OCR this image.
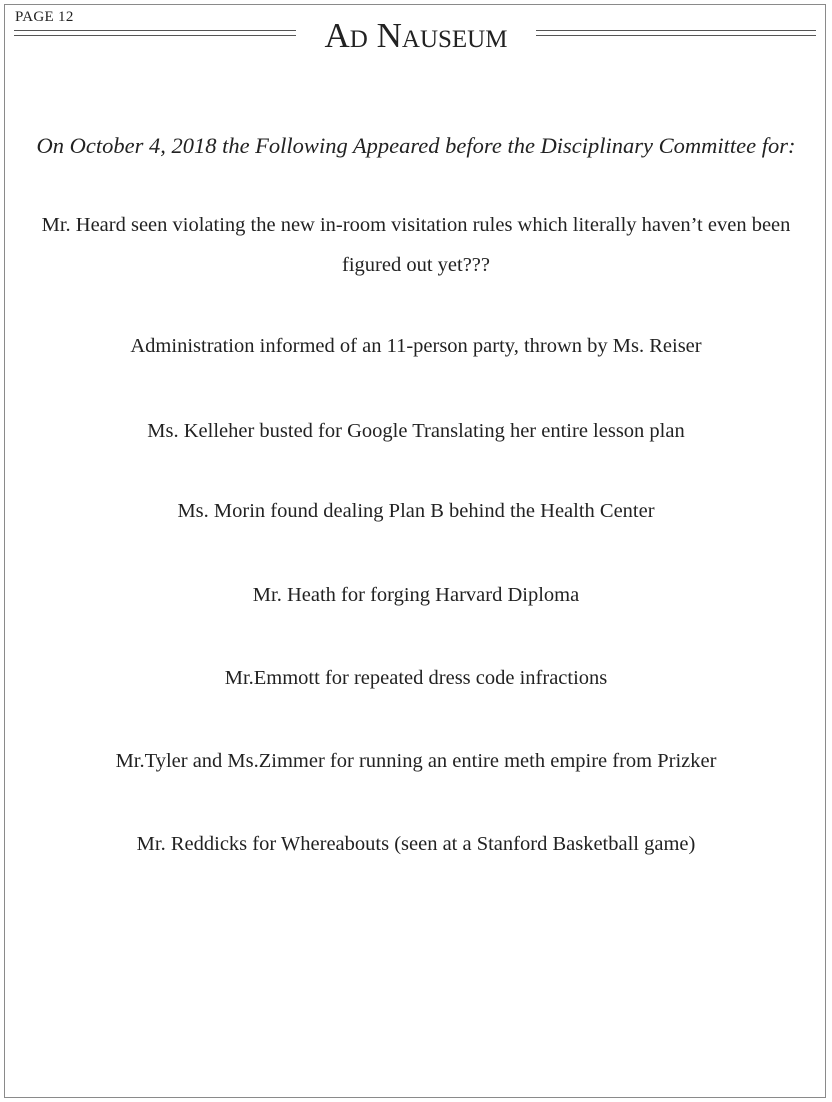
PAGE 12	Ad Nauseum
On October 4, 2018 the Following Appeared before the Disciplinary Committee for:
Mr. Heard seen violating the new in-room visitation rules which literally haven’t even been figured out yet???
Administration informed of an 11-person party, thrown by Ms. Reiser
Ms. Kelleher busted for Google Translating her entire lesson plan
Ms. Morin found dealing Plan B behind the Health Center
Mr. Heath for forging Harvard Diploma
Mr.Emmott for repeated dress code infractions
Mr.Tyler and Ms.Zimmer for running an entire meth empire from Prizker
Mr. Reddicks for Whereabouts (seen at a Stanford Basketball game)
